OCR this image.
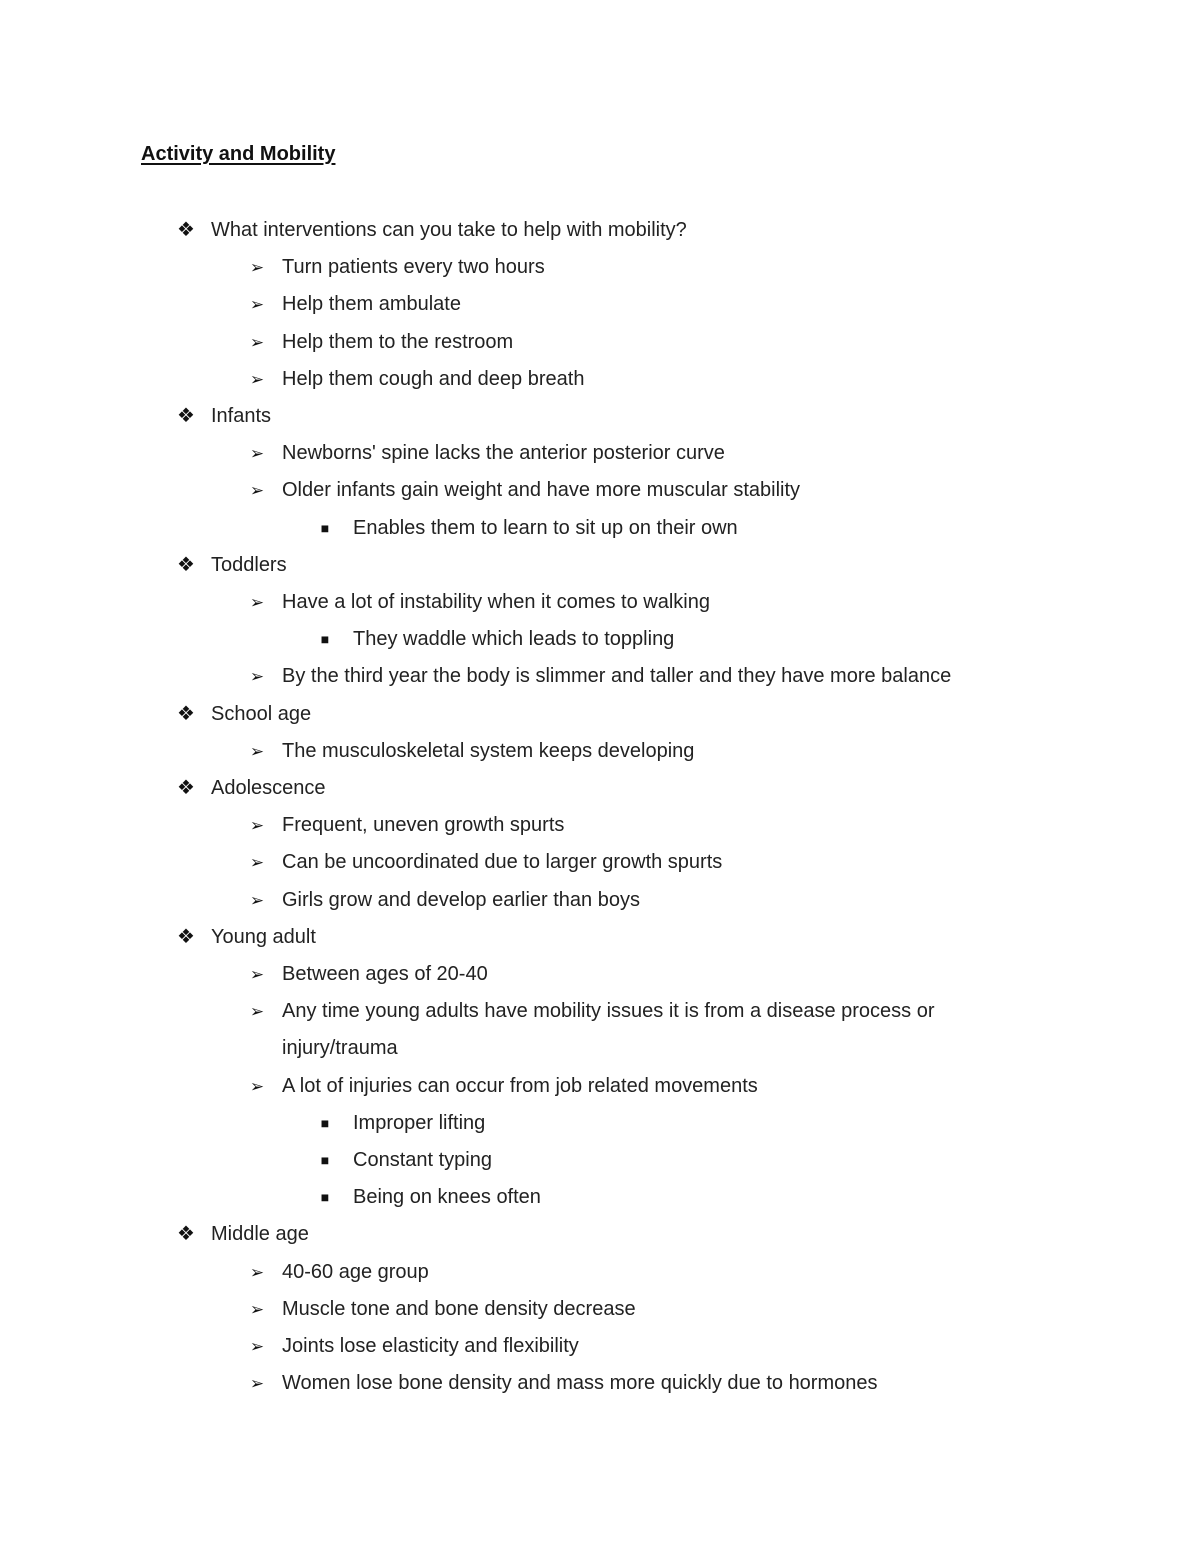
Activity and Mobility
❖ What interventions can you take to help with mobility?
➢ Turn patients every two hours
➢ Help them ambulate
➢ Help them to the restroom
➢ Help them cough and deep breath
❖ Infants
➢ Newborns' spine lacks the anterior posterior curve
➢ Older infants gain weight and have more muscular stability
■	Enables them to learn to sit up on their own
❖ Toddlers
➢ Have a lot of instability when it comes to walking
■	They waddle which leads to toppling
➢ By the third year the body is slimmer and taller and they have more balance
❖ School age
➢ The musculoskeletal system keeps developing
❖ Adolescence
➢ Frequent, uneven growth spurts
➢ Can be uncoordinated due to larger growth spurts
➢ Girls grow and develop earlier than boys
❖ Young adult
➢ Between ages of 20-40
➢ Any time young adults have mobility issues it is from a disease process or injury/trauma
➢ A lot of injuries can occur from job related movements
■	Improper lifting
■	Constant typing
■	Being on knees often
❖ Middle age
➢ 40-60 age group
➢ Muscle tone and bone density decrease
➢ Joints lose elasticity and flexibility
➢ Women lose bone density and mass more quickly due to hormones
